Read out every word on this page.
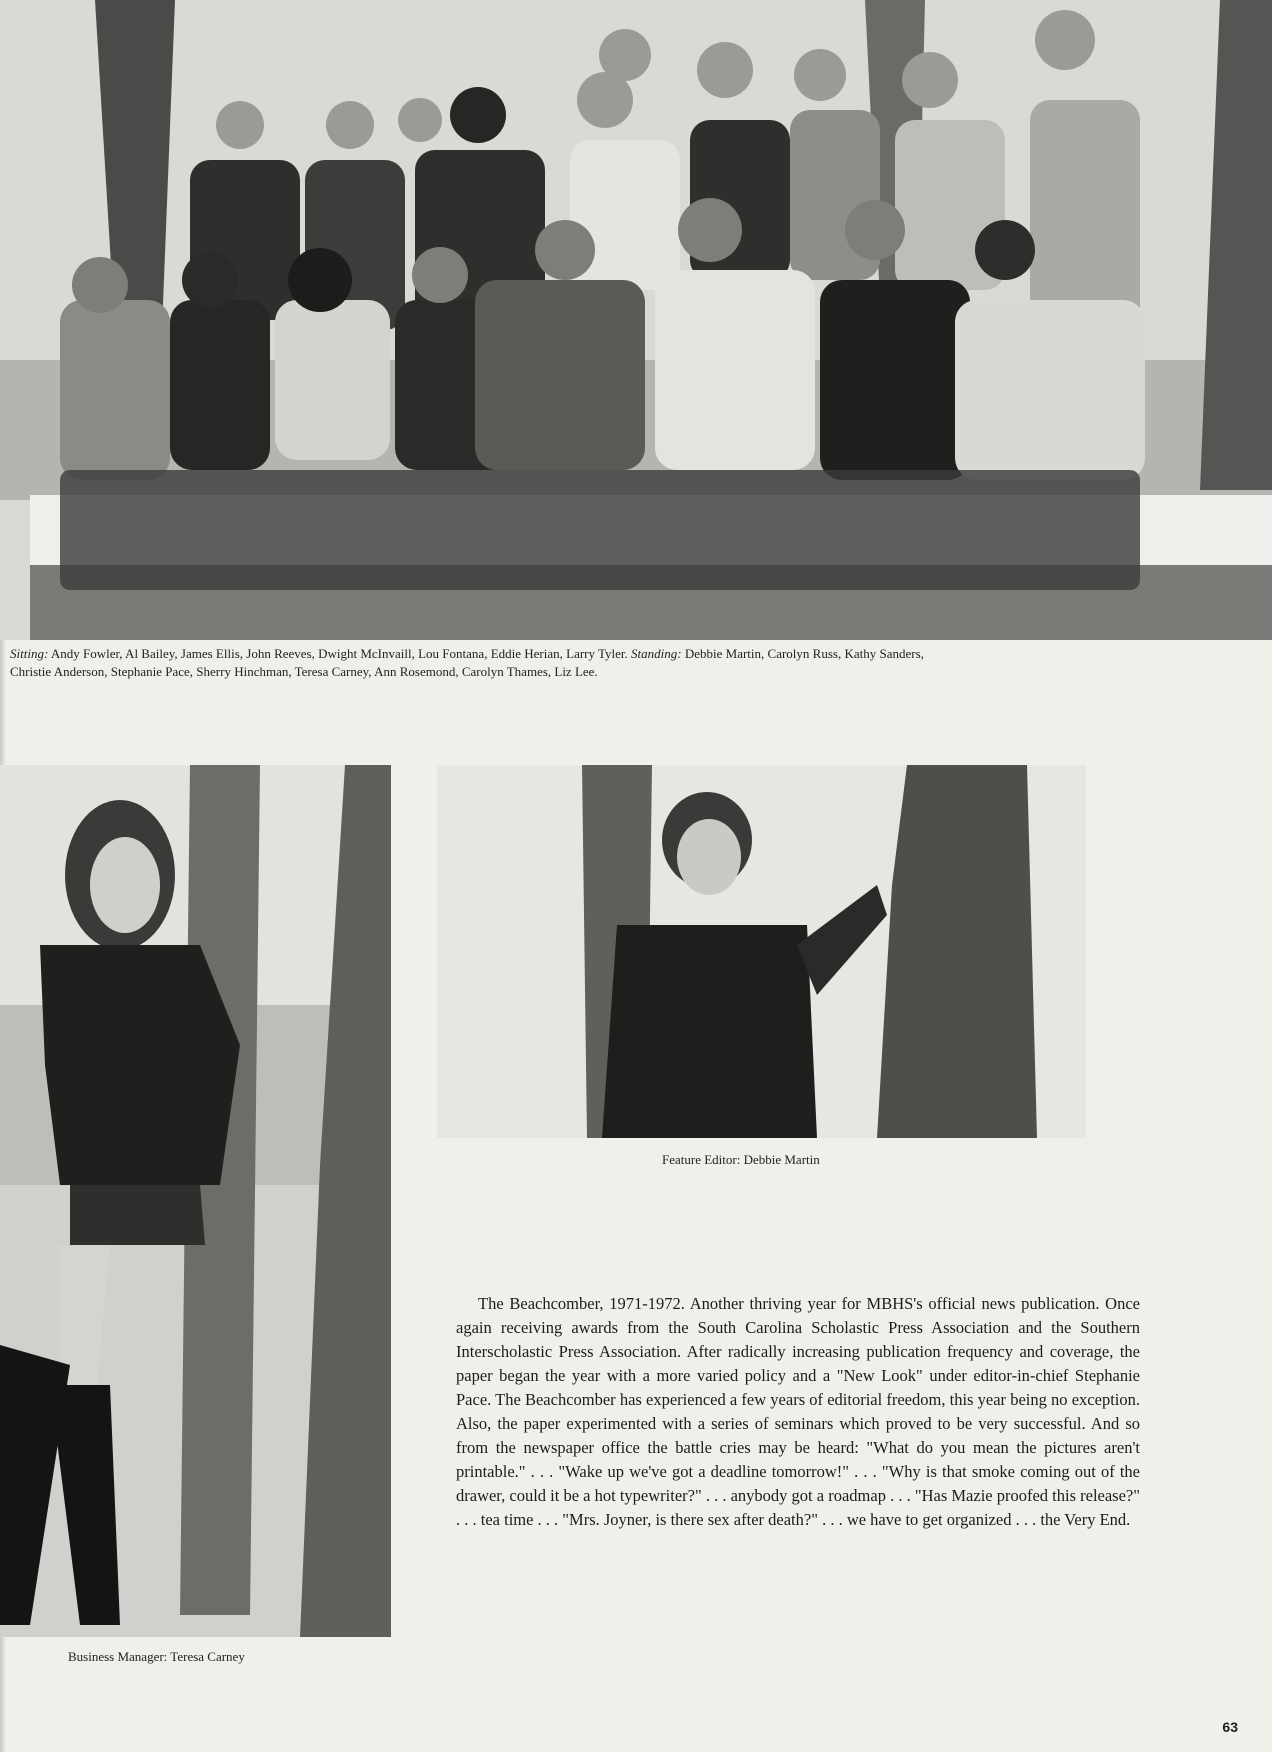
Sitting: Andy Fowler, Al Bailey, James Ellis, John Reeves, Dwight McInvaill, Lou Fontana, Eddie Herian, Larry Tyler. Standing: Debbie Martin, Carolyn Russ, Kathy Sanders,
Christie Anderson, Stephanie Pace, Sherry Hinchman, Teresa Carney, Ann Rosemond, Carolyn Thames, Liz Lee.
Business Manager: Teresa Carney
Feature Editor: Debbie Martin

The Beachcomber, 1971-1972. Another thriving year for MBHS's official news publication. Once again receiving awards from the South Carolina Scholastic Press Association and the Southern Interscholastic Press Association. After radically increasing publication frequency and coverage, the paper began the year with a more varied policy and a "New Look" under editor-in-chief Stephanie Pace. The Beachcomber has experienced a few years of editorial freedom, this year being no exception. Also, the paper experimented with a series of seminars which proved to be very successful. And so from the newspaper office the battle cries may be heard: "What do you mean the pictures aren't printable." . . . "Wake up we've got a deadline tomorrow!" . . . "Why is that smoke coming out of the drawer, could it be a hot typewriter?" . . . anybody got a roadmap . . . "Has Mazie proofed this release?" . . . tea time . . . "Mrs. Joyner, is there sex after death?" . . . we have to get organized . . . the Very End.

63
